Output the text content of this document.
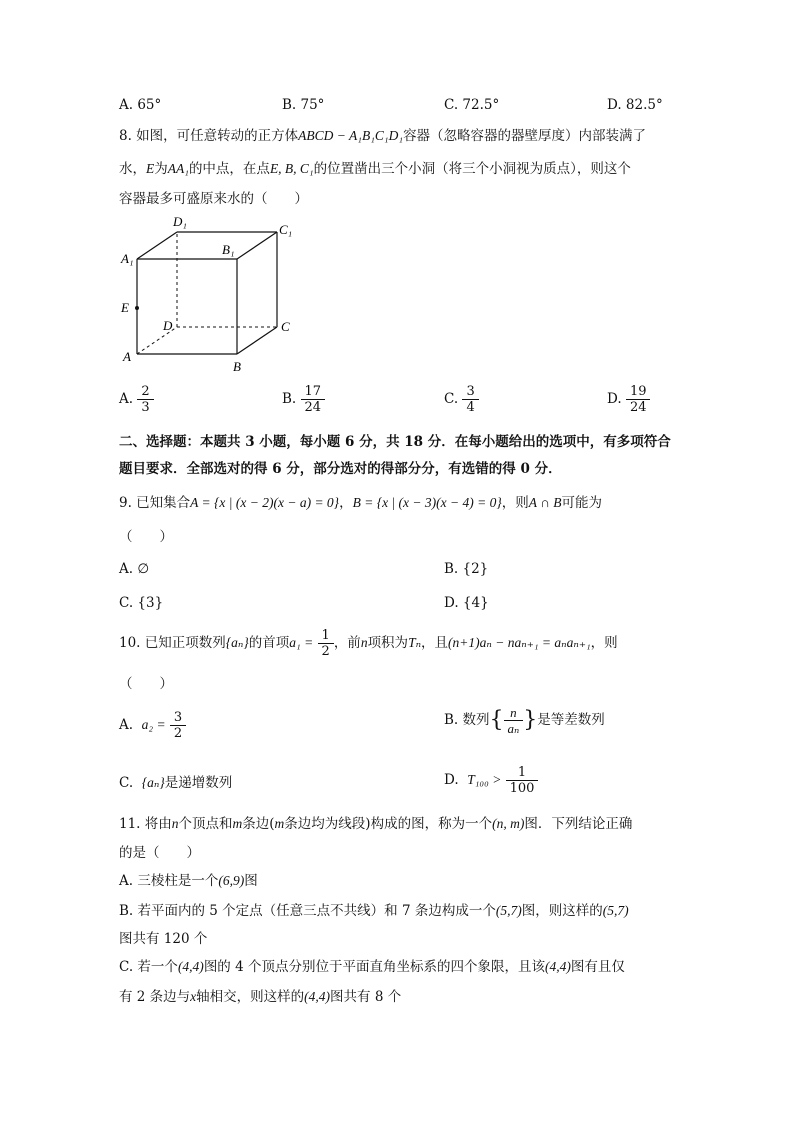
A. 65°	B. 75°	C. 72.5°	D. 82.5°
8. 如图，可任意转动的正方体ABCD − A₁B₁C₁D₁容器（忽略容器的器壁厚度）内部装满了
水，E为AA₁的中点，在点E, B, C₁的位置凿出三个小洞（将三个小洞视为质点），则这个
容器最多可盛原来水的（　　）
A
B
C
D
A₁
B₁
C₁
D₁
E
A. $\frac{2}{3}$	B. $\frac{17}{24}$	C. $\frac{3}{4}$	D. $\frac{19}{24}$
二、选择题：本题共 3 小题，每小题 6 分，共 18 分．在每小题给出的选项中，有多项符合
题目要求．全部选对的得 6 分，部分选对的得部分分，有选错的得 0 分．
9. 已知集合A = {x | (x − 2)(x − a) = 0}，B = {x | (x − 3)(x − 4) = 0}，则A ∩ B可能为
（　　）
A. ∅	B. {2}
C. {3}	D. {4}
10. 已知正项数列{aₙ}的首项$a_1 = \frac{1}{2}$ ，前n项积为Tₙ，且(n+1)aₙ − naₙ₊₁ = aₙaₙ₊₁，则
（　　）
A. $a_2 = \frac{3}{2}$	B. 数列{ $\frac{n}{\text{aₙ}}$ }是等差数列
C. {aₙ}是递增数列	D. $T_{100} > \frac{1}{100}$
11. 将由n个顶点和m条边(m条边均为线段)构成的图，称为一个(n, m)图．下列结论正确
的是（　　）
A. 三棱柱是一个(6,9)图
B. 若平面内的 5 个定点（任意三点不共线）和 7 条边构成一个(5,7)图，则这样的(5,7)
图共有 120 个
C. 若一个(4,4)图的 4 个顶点分别位于平面直角坐标系的四个象限，且该(4,4)图有且仅
有 2 条边与x轴相交，则这样的(4,4)图共有 8 个
